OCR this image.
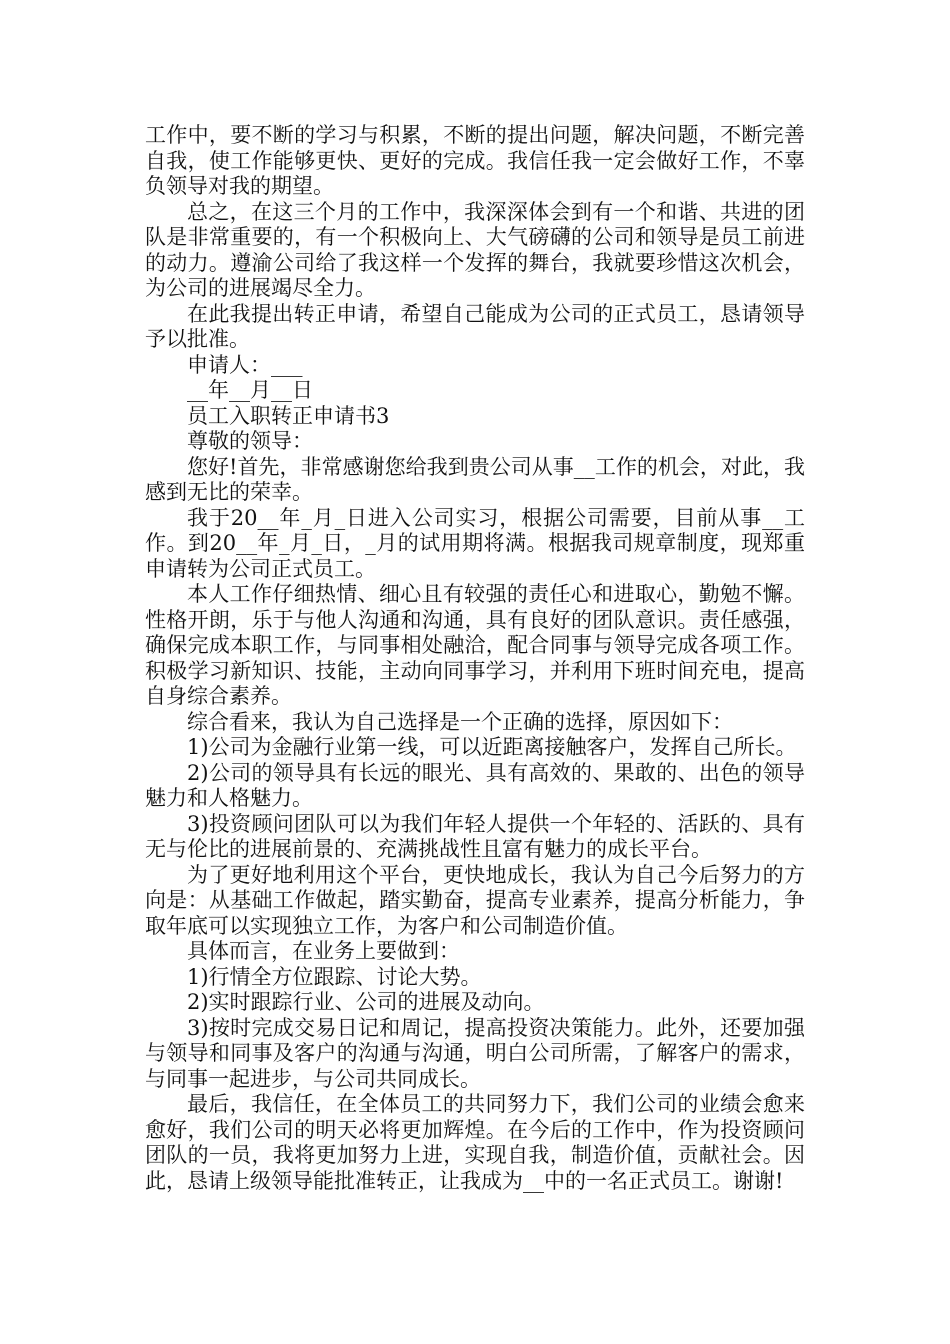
工作中，要不断的学习与积累，不断的提出问题，解决问题，不断完善自我，使工作能够更快、更好的完成。我信任我一定会做好工作，不辜负领导对我的期望。

总之，在这三个月的工作中，我深深体会到有一个和谐、共进的团队是非常重要的，有一个积极向上、大气磅礴的公司和领导是员工前进的动力。遵渝公司给了我这样一个发挥的舞台，我就要珍惜这次机会，为公司的进展竭尽全力。

在此我提出转正申请，希望自己能成为公司的正式员工，恳请领导予以批准。

申请人：___

__年__月__日

员工入职转正申请书3

尊敬的领导：

您好!首先，非常感谢您给我到贵公司从事__工作的机会，对此，我感到无比的荣幸。

我于20__年_月_日进入公司实习，根据公司需要，目前从事__工作。到20__年_月_日，_月的试用期将满。根据我司规章制度，现郑重申请转为公司正式员工。

本人工作仔细热情、细心且有较强的责任心和进取心，勤勉不懈。性格开朗，乐于与他人沟通和沟通，具有良好的团队意识。责任感强，确保完成本职工作，与同事相处融洽，配合同事与领导完成各项工作。积极学习新知识、技能，主动向同事学习，并利用下班时间充电，提高自身综合素养。

综合看来，我认为自己选择是一个正确的选择，原因如下：

1)公司为金融行业第一线，可以近距离接触客户，发挥自己所长。

2)公司的领导具有长远的眼光、具有高效的、果敢的、出色的领导魅力和人格魅力。

3)投资顾问团队可以为我们年轻人提供一个年轻的、活跃的、具有无与伦比的进展前景的、充满挑战性且富有魅力的成长平台。

为了更好地利用这个平台，更快地成长，我认为自己今后努力的方向是：从基础工作做起，踏实勤奋，提高专业素养，提高分析能力，争取年底可以实现独立工作，为客户和公司制造价值。

具体而言，在业务上要做到：

1)行情全方位跟踪、讨论大势。

2)实时跟踪行业、公司的进展及动向。

3)按时完成交易日记和周记，提高投资决策能力。此外，还要加强与领导和同事及客户的沟通与沟通，明白公司所需，了解客户的需求，与同事一起进步，与公司共同成长。

最后，我信任，在全体员工的共同努力下，我们公司的业绩会愈来愈好，我们公司的明天必将更加辉煌。在今后的工作中，作为投资顾问团队的一员，我将更加努力上进，实现自我，制造价值，贡献社会。因此，恳请上级领导能批准转正，让我成为__中的一名正式员工。谢谢!
